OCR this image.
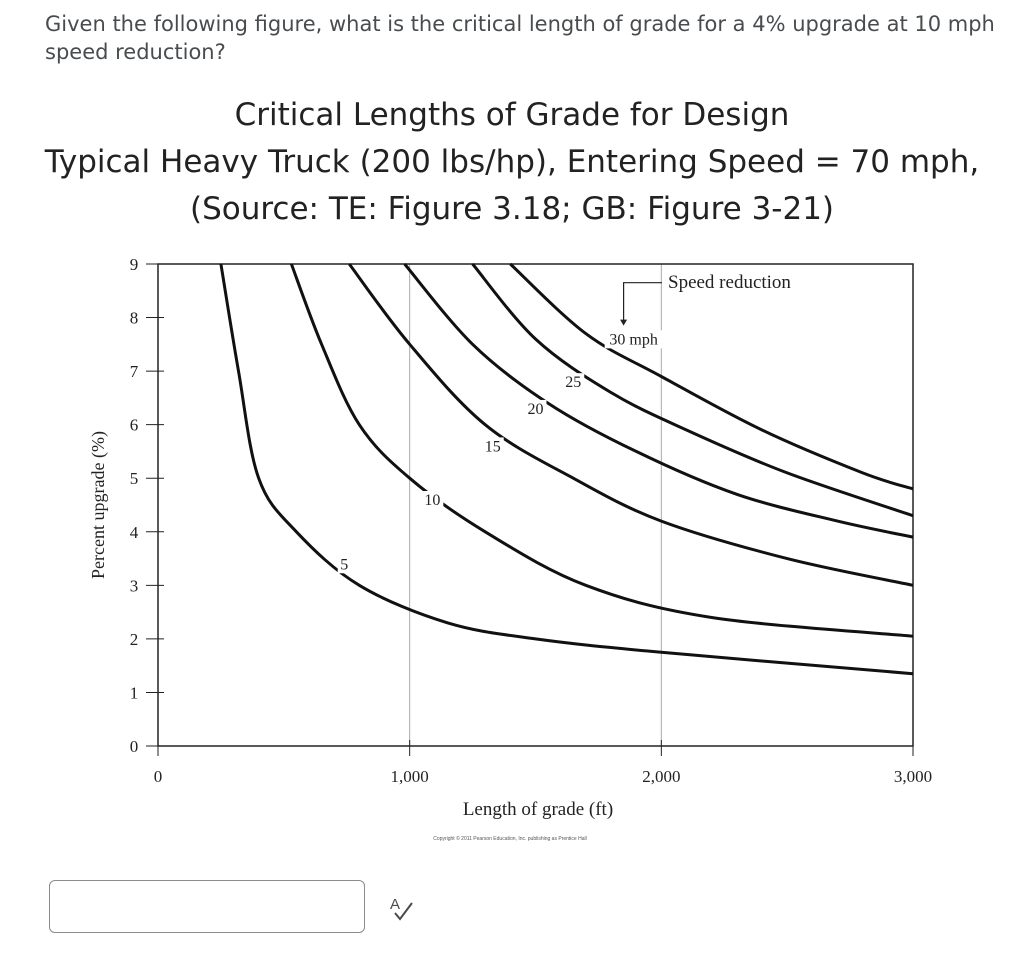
Given the following figure, what is the critical length of grade for a 4% upgrade at 10 mph speed reduction?
Critical Lengths of Grade for Design
Typical Heavy Truck (200 lbs/hp), Entering Speed = 70 mph,
(Source: TE: Figure 3.18; GB: Figure 3-21)
0
1
2
3
4
5
6
7
8
9
0	1,000	2,000	3,000
5
10
15
20
25
30 mph
Speed reduction
Percent upgrade (%)
Length of grade (ft)
Copyright © 2011 Pearson Education, Inc. publishing as Prentice Hall
A
